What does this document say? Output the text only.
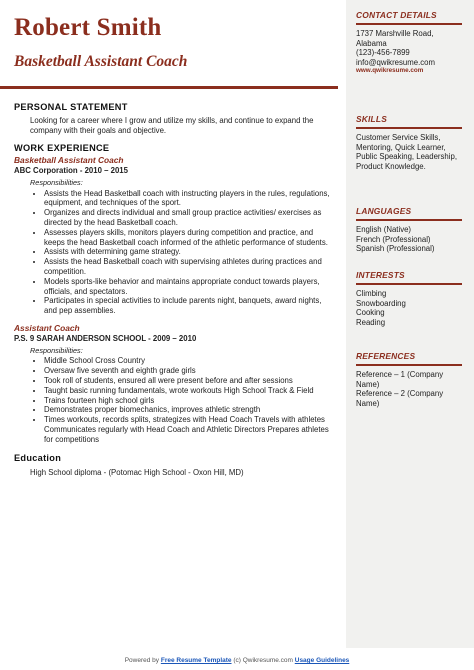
Robert Smith
Basketball Assistant Coach
PERSONAL STATEMENT
Looking for a career where I grow and utilize my skills, and continue to expand the company with their goals and objective.
WORK EXPERIENCE
Basketball Assistant Coach
ABC Corporation - 2010 – 2015
Responsibilities:
• Assists the Head Basketball coach with instructing players in the rules, regulations, equipment, and techniques of the sport.
• Organizes and directs individual and small group practice activities/ exercises as directed by the head Basketball coach.
• Assesses players skills, monitors players during competition and practice, and keeps the head Basketball coach informed of the athletic performance of students.
• Assists with determining game strategy.
• Assists the head Basketball coach with supervising athletes during practices and competition.
• Models sports-like behavior and maintains appropriate conduct towards players, officials, and spectators.
• Participates in special activities to include parents night, banquets, award nights, and pep assemblies.
Assistant Coach
P.S. 9 SARAH ANDERSON SCHOOL - 2009 – 2010
Responsibilities:
• Middle School Cross Country
• Oversaw five seventh and eighth grade girls
• Took roll of students, ensured all were present before and after sessions
• Taught basic running fundamentals, wrote workouts High School Track & Field
• Trains fourteen high school girls
• Demonstrates proper biomechanics, improves athletic strength
• Times workouts, records splits, strategizes with Head Coach Travels with athletes Communicates regularly with Head Coach and Athletic Directors Prepares athletes for competitions
Education
High School diploma - (Potomac High School - Oxon Hill, MD)
CONTACT DETAILS
1737 Marshville Road,
Alabama
(123)-456-7899
info@qwikresume.com
www.qwikresume.com
SKILLS
Customer Service Skills, Mentoring, Quick Learner, Public Speaking, Leadership, Product Knowledge.
LANGUAGES
English (Native)
French (Professional)
Spanish (Professional)
INTERESTS
Climbing
Snowboarding
Cooking
Reading
REFERENCES
Reference – 1 (Company Name)
Reference – 2 (Company Name)
Powered by Free Resume Template (c) Qwikresume.com Usage Guidelines
